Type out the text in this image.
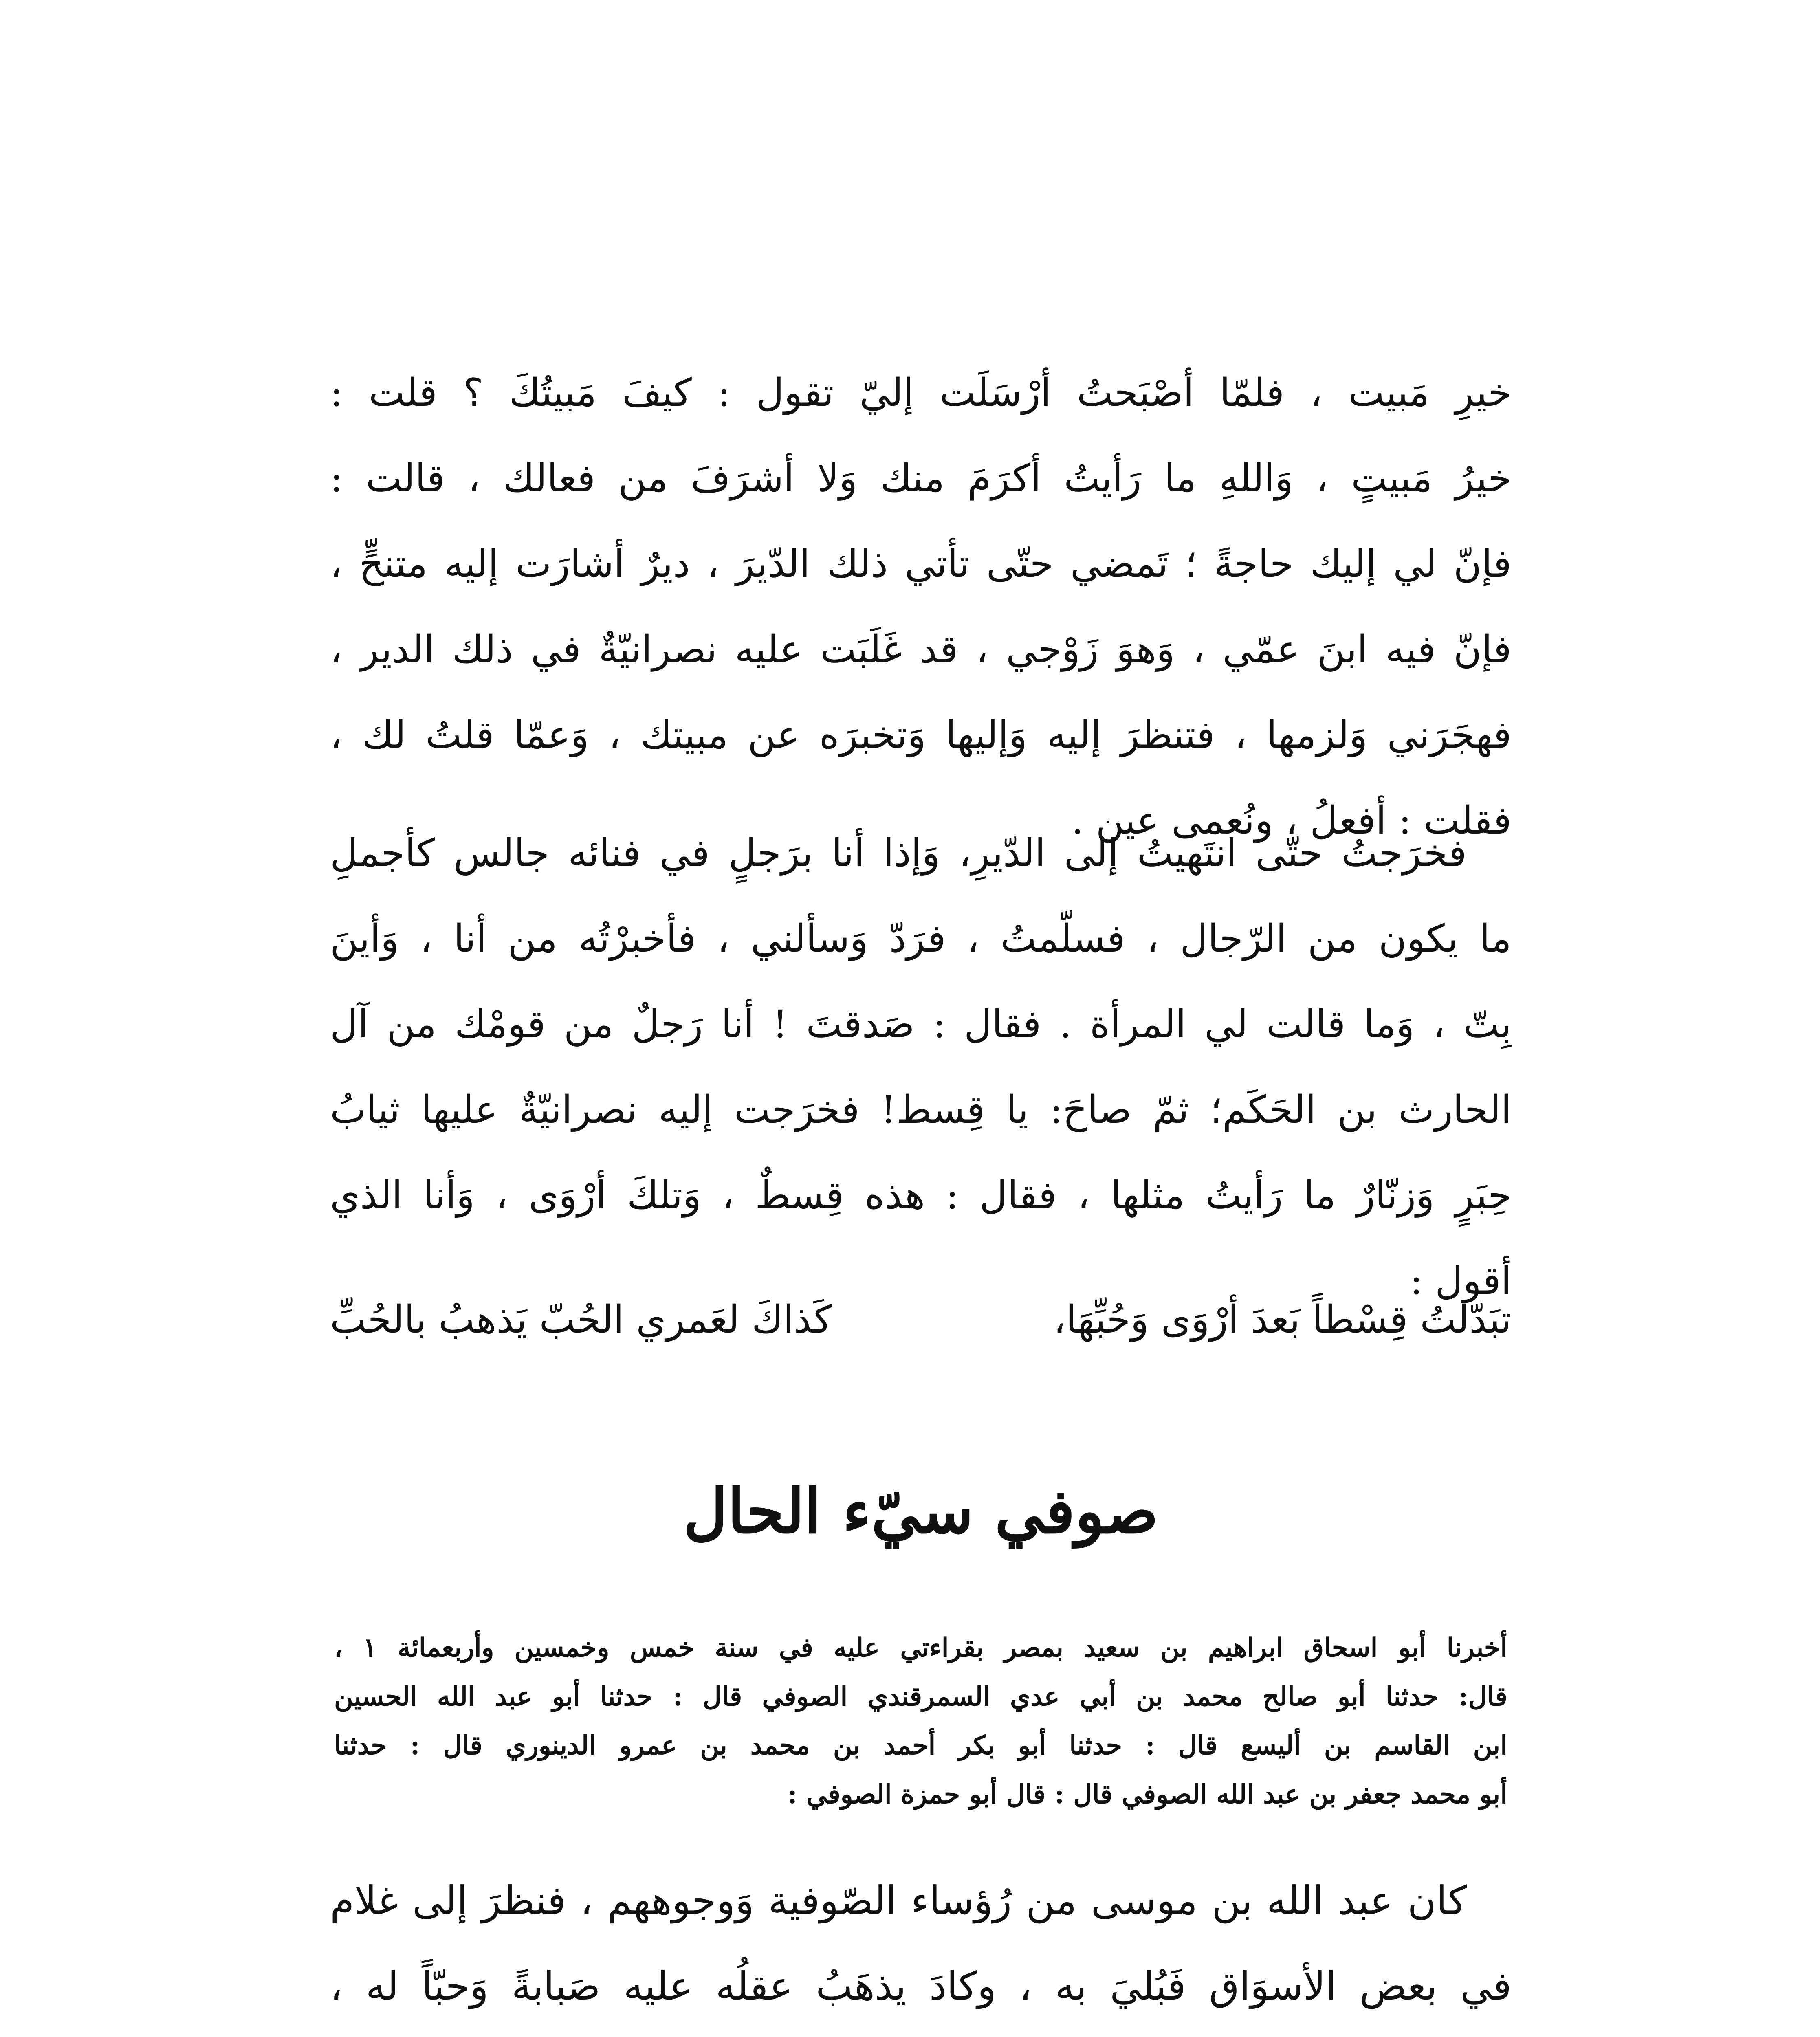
خيرِ مَبيت ، فلمّا أصْبَحتُ أرْسَلَت إليّ تقول : كيفَ مَبيتُكَ ؟ قلت :
خيرُ مَبيتٍ ، وَاللهِ ما رَأيتُ أكرَمَ منك وَلا أشرَفَ من فعالك ، قالت :
فإنّ لي إليك حاجةً ؛ تَمضي حتّى تأتي ذلك الدّيرَ ، ديرٌ أشارَت إليه متنحٍّ ،
فإنّ فيه ابنَ عمّي ، وَهوَ زَوْجي ، قد غَلَبَت عليه نصرانيّةٌ في ذلك الدير ،
فهجَرَني وَلزمها ، فتنظرَ إليه وَإليها وَتخبرَه عن مبيتك ، وَعمّا قلتُ لك ،
فقلت : أفعلُ ، ونُعمى عين .
فخرَجتُ حتّى انتَهيتُ إلى الدّيرِ، وَإذا أنا برَجلٍ في فنائه جالس كأجملِ
ما يكون من الرّجال ، فسلّمتُ ، فرَدّ وَسألني ، فأخبرْتُه من أنا ، وَأينَ
بِتّ ، وَما قالت لي المرأة . فقال : صَدقتَ ! أنا رَجلٌ من قومْك من آل
الحارث بن الحَكَم؛ ثمّ صاحَ: يا قِسط! فخرَجت إليه نصرانيّةٌ عليها ثيابُ
حِبَرٍ وَزنّارٌ ما رَأيتُ مثلها ، فقال : هذه قِسطٌ ، وَتلكَ أرْوَى ، وَأنا الذي
أقول :
تبَدّلتُ قِسْطاً بَعدَ أرْوَى وَحُبِّهَا،
كَذاكَ لعَمري الحُبّ يَذهبُ بالحُبِّ
صوفي سيّء الحال
أخبرنا أبو اسحاق ابراهيم بن سعيد بمصر بقراءتي عليه في سنة خمس وخمسين وأربعمائة ١ ،
قال: حدثنا أبو صالح محمد بن أبي عدي السمرقندي الصوفي قال : حدثنا أبو عبد الله الحسين
ابن القاسم بن أليسع قال : حدثنا أبو بكر أحمد بن محمد بن عمرو الدينوري قال : حدثنا
أبو محمد جعفر بن عبد الله الصوفي قال : قال أبو حمزة الصوفي :
كان عبد الله بن موسى من رُؤساء الصّوفية وَوجوههم ، فنظرَ إلى غلام
في بعض الأسوَاق فَبُليَ به ، وكادَ يذهَبُ عقلُه عليه صَبابةً وَحبّاً له ،
